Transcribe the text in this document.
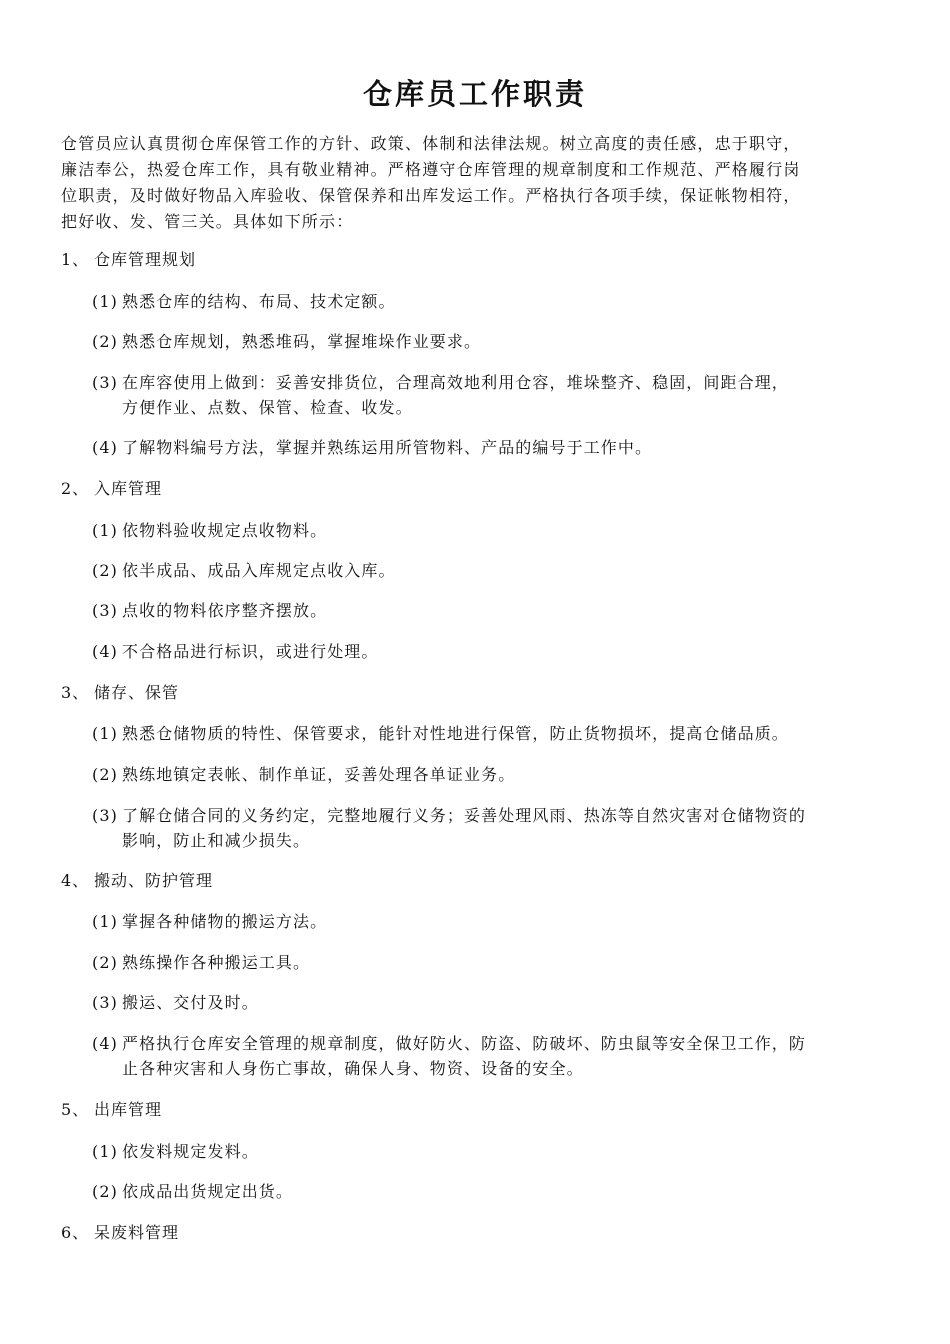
仓库员工作职责
仓管员应认真贯彻仓库保管工作的方针、政策、体制和法律法规。树立高度的责任感，忠于职守，
廉洁奉公，热爱仓库工作，具有敬业精神。严格遵守仓库管理的规章制度和工作规范、严格履行岗
位职责，及时做好物品入库验收、保管保养和出库发运工作。严格执行各项手续，保证帐物相符，
把好收、发、管三关。具体如下所示：
1、 仓库管理规划
(1) 熟悉仓库的结构、布局、技术定额。
(2) 熟悉仓库规划，熟悉堆码，掌握堆垛作业要求。
(3) 在库容使用上做到：妥善安排货位，合理高效地利用仓容，堆垛整齐、稳固，间距合理，
方便作业、点数、保管、检查、收发。
(4) 了解物料编号方法，掌握并熟练运用所管物料、产品的编号于工作中。
2、 入库管理
(1) 依物料验收规定点收物料。
(2) 依半成品、成品入库规定点收入库。
(3) 点收的物料依序整齐摆放。
(4) 不合格品进行标识，或进行处理。
3、 储存、保管
(1) 熟悉仓储物质的特性、保管要求，能针对性地进行保管，防止货物损坏，提高仓储品质。
(2) 熟练地镇定表帐、制作单证，妥善处理各单证业务。
(3) 了解仓储合同的义务约定，完整地履行义务；妥善处理风雨、热冻等自然灾害对仓储物资的
影响，防止和减少损失。
4、 搬动、防护管理
(1) 掌握各种储物的搬运方法。
(2) 熟练操作各种搬运工具。
(3) 搬运、交付及时。
(4) 严格执行仓库安全管理的规章制度，做好防火、防盗、防破坏、防虫鼠等安全保卫工作，防
止各种灾害和人身伤亡事故，确保人身、物资、设备的安全。
5、 出库管理
(1) 依发料规定发料。
(2) 依成品出货规定出货。
6、 呆废料管理
